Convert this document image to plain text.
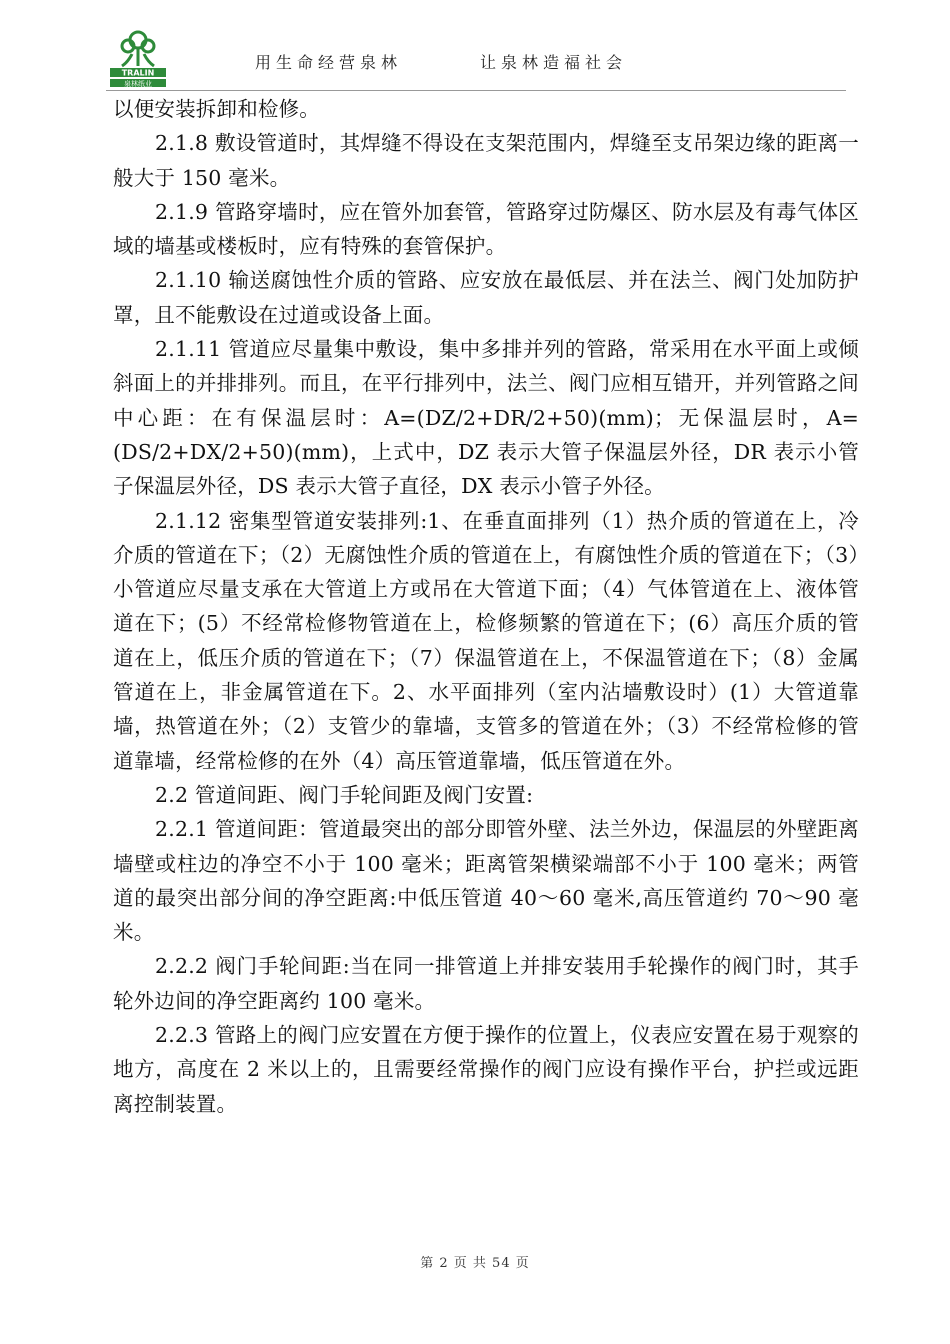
TRALIN
泉林纸业
用生命经营泉林	让泉林造福社会

以便安装拆卸和检修。

2.1.8 敷设管道时，其焊缝不得设在支架范围内，焊缝至支吊架边缘的距离一般大于 150 毫米。

2.1.9 管路穿墙时，应在管外加套管，管路穿过防爆区、防水层及有毒气体区域的墙基或楼板时，应有特殊的套管保护。

2.1.10 输送腐蚀性介质的管路、应安放在最低层、并在法兰、阀门处加防护罩，且不能敷设在过道或设备上面。

2.1.11 管道应尽量集中敷设，集中多排并列的管路，常采用在水平面上或倾斜面上的并排排列。而且，在平行排列中，法兰、阀门应相互错开，并列管路之间中心距：在有保温层时：A=(DZ/2+DR/2+50)(mm)；无保温层时，A=(DS/2+DX/2+50)(mm)，上式中，DZ 表示大管子保温层外径，DR 表示小管子保温层外径，DS 表示大管子直径，DX 表示小管子外径。

2.1.12 密集型管道安装排列:1、在垂直面排列（1）热介质的管道在上，冷介质的管道在下；（2）无腐蚀性介质的管道在上，有腐蚀性介质的管道在下；（3）小管道应尽量支承在大管道上方或吊在大管道下面；（4）气体管道在上、液体管道在下；(5）不经常检修物管道在上，检修频繁的管道在下；(6）高压介质的管道在上，低压介质的管道在下；（7）保温管道在上，不保温管道在下；（8）金属管道在上，非金属管道在下。2、水平面排列（室内沾墙敷设时）(1）大管道靠墙，热管道在外；（2）支管少的靠墙，支管多的管道在外；（3）不经常检修的管道靠墙，经常检修的在外（4）高压管道靠墙，低压管道在外。

2.2 管道间距、阀门手轮间距及阀门安置:

2.2.1 管道间距：管道最突出的部分即管外壁、法兰外边，保温层的外壁距离墙壁或柱边的净空不小于 100 毫米；距离管架横梁端部不小于 100 毫米；两管道的最突出部分间的净空距离:中低压管道 40～60 毫米,高压管道约 70～90 毫米。

2.2.2 阀门手轮间距:当在同一排管道上并排安装用手轮操作的阀门时，其手轮外边间的净空距离约 100 毫米。

2.2.3 管路上的阀门应安置在方便于操作的位置上，仪表应安置在易于观察的地方，高度在 2 米以上的，且需要经常操作的阀门应设有操作平台，护拦或远距离控制装置。

第 2 页 共 54 页
